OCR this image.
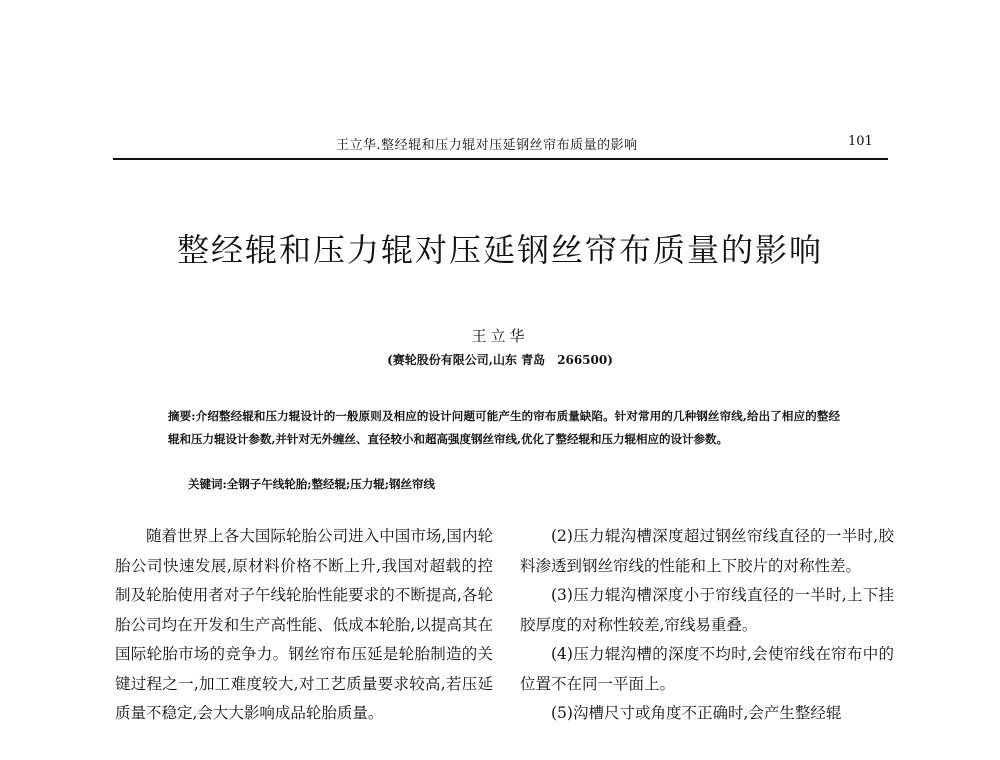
王立华.整经辊和压力辊对压延钢丝帘布质量的影响	101
整经辊和压力辊对压延钢丝帘布质量的影响
王立华
(赛轮股份有限公司,山东 青岛　266500)
摘要:介绍整经辊和压力辊设计的一般原则及相应的设计问题可能产生的帘布质量缺陷。针对常用的几种钢丝帘线,给出了相应的整经辊和压力辊设计参数,并针对无外缠丝、直径较小和超高强度钢丝帘线,优化了整经辊和压力辊相应的设计参数。
关键词:全钢子午线轮胎;整经辊;压力辊;钢丝帘线

随着世界上各大国际轮胎公司进入中国市场,国内轮胎公司快速发展,原材料价格不断上升,我国对超载的控制及轮胎使用者对子午线轮胎性能要求的不断提高,各轮胎公司均在开发和生产高性能、低成本轮胎,以提高其在国际轮胎市场的竞争力。钢丝帘布压延是轮胎制造的关键过程之一,加工难度较大,对工艺质量要求较高,若压延质量不稳定,会大大影响成品轮胎质量。

(2)压力辊沟槽深度超过钢丝帘线直径的一半时,胶料渗透到钢丝帘线的性能和上下胶片的对称性差。

(3)压力辊沟槽深度小于帘线直径的一半时,上下挂胶厚度的对称性较差,帘线易重叠。

(4)压力辊沟槽的深度不均时,会使帘线在帘布中的位置不在同一平面上。

(5)沟槽尺寸或角度不正确时,会产生整经辊
